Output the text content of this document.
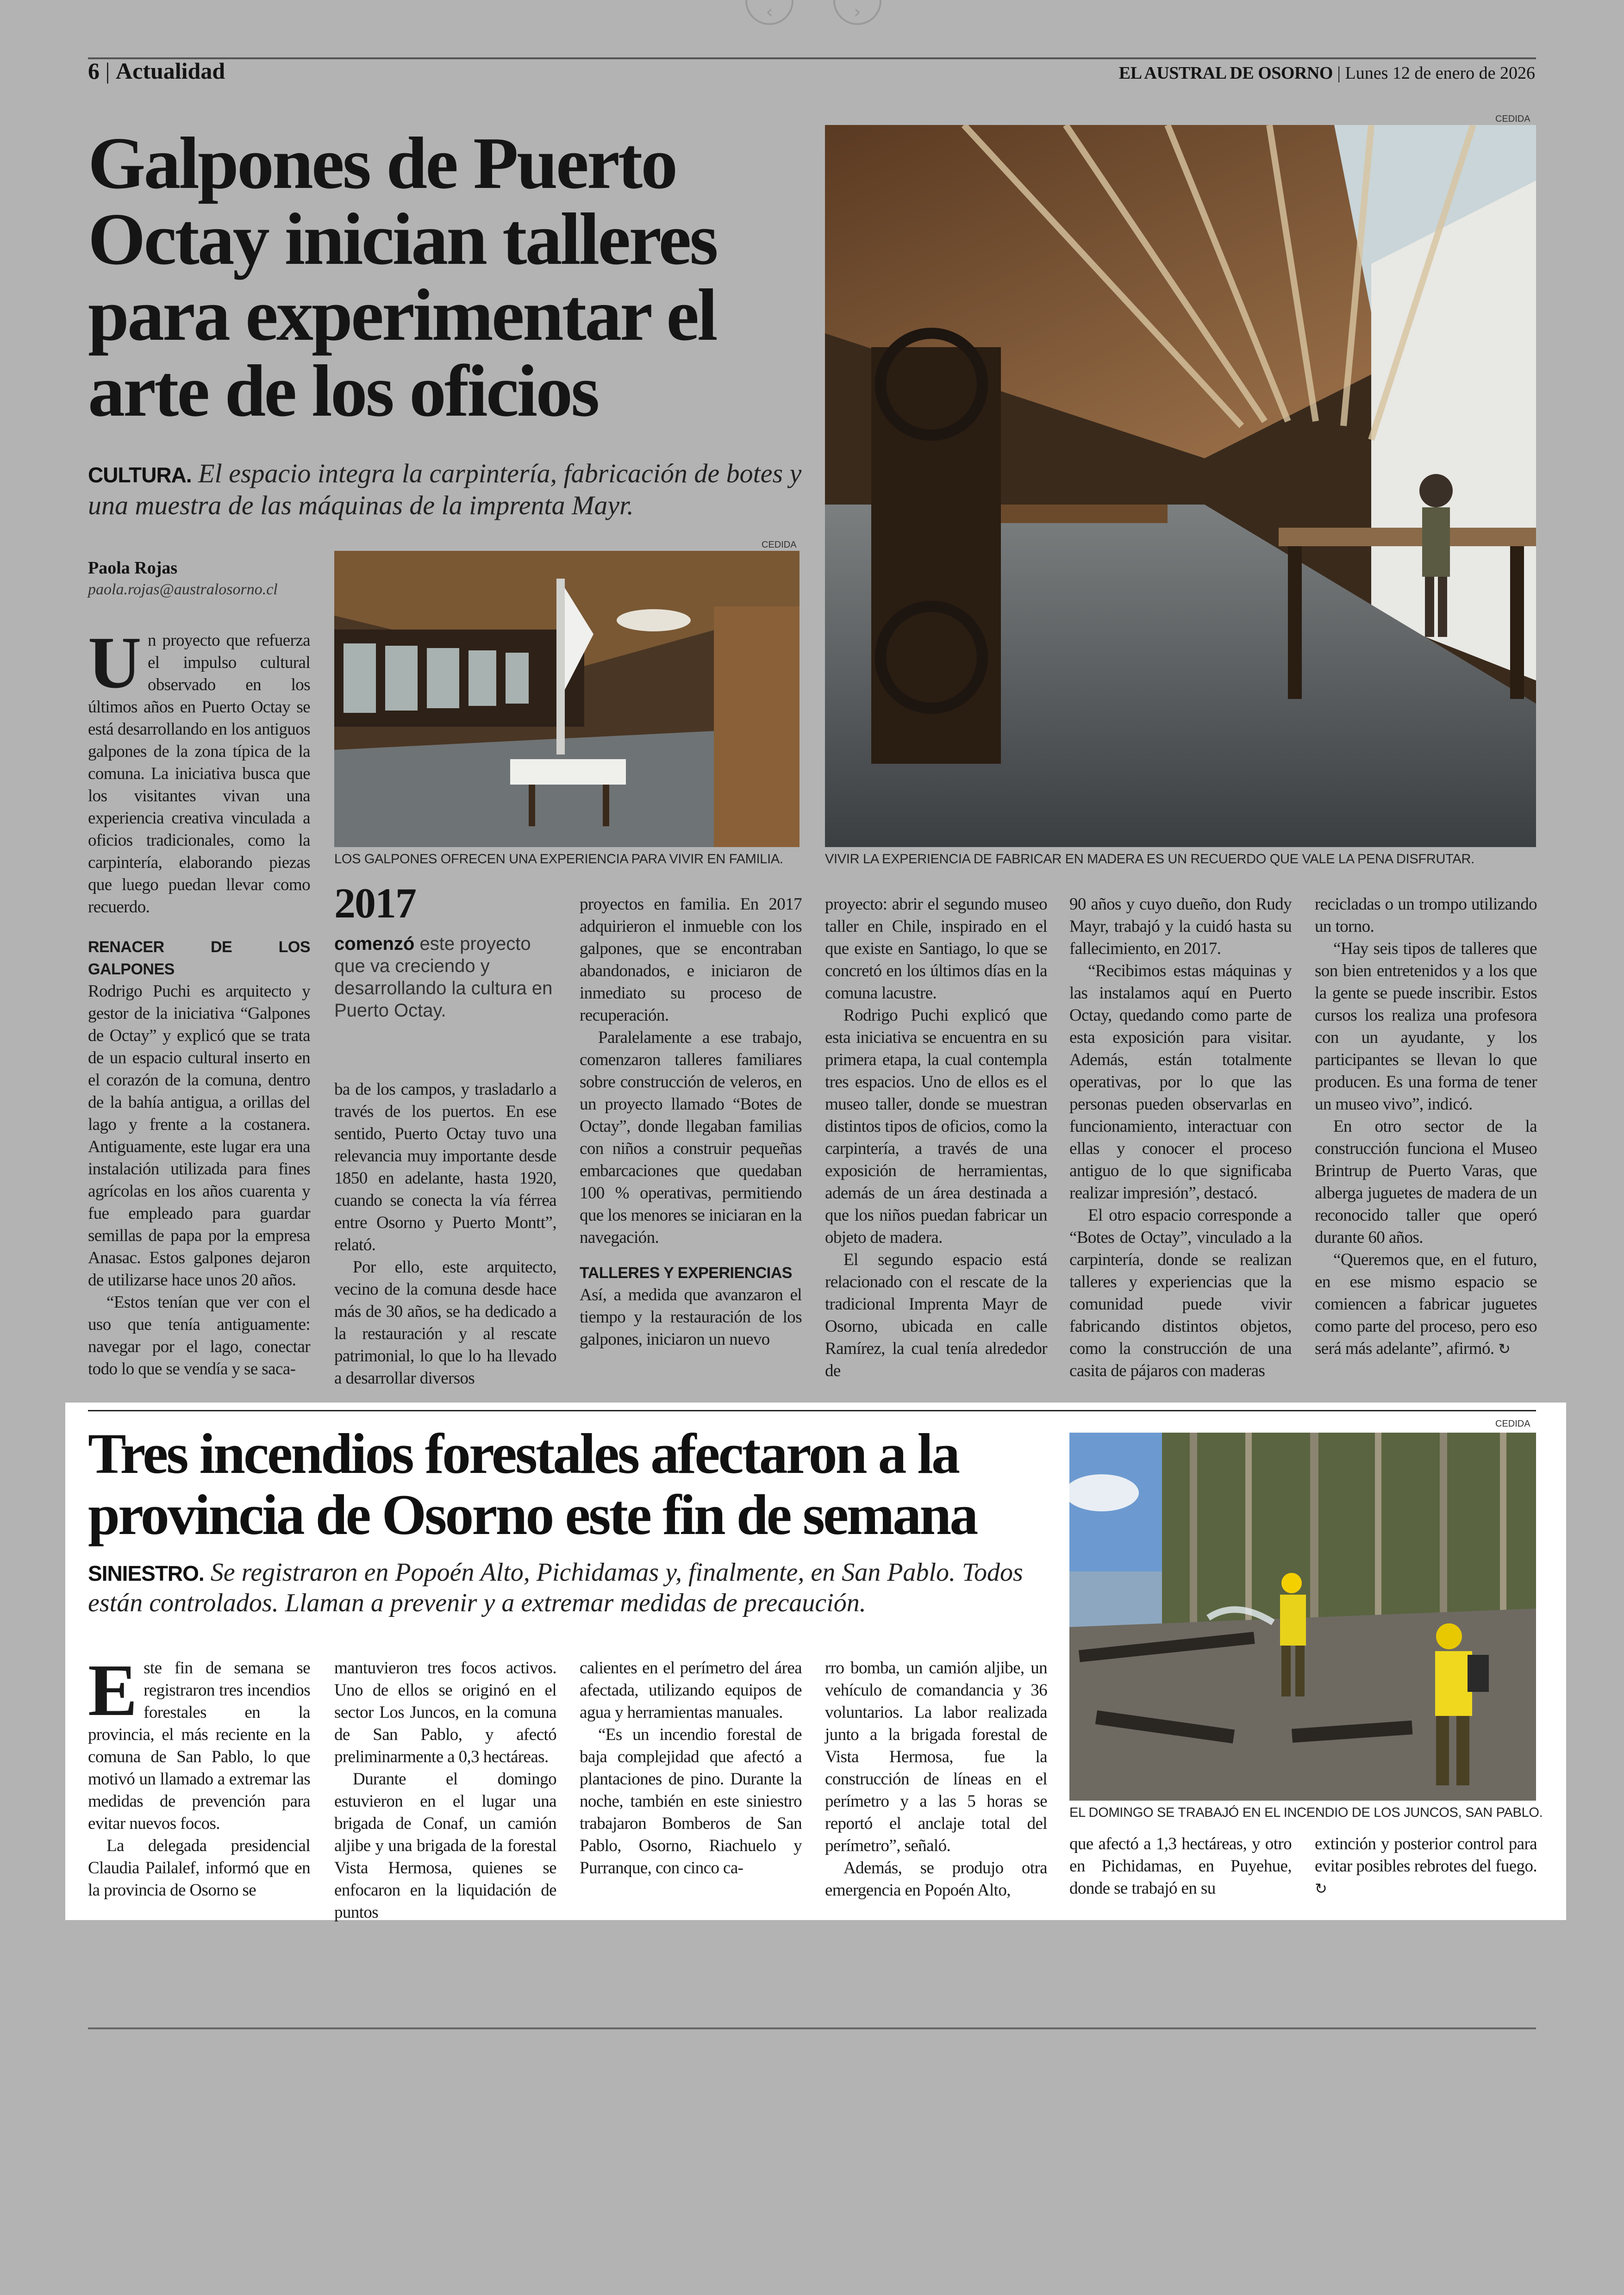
‹	›
6 | Actualidad	EL AUSTRAL DE OSORNO | Lunes 12 de enero de 2026
Galpones de Puerto Octay inician talleres para experimentar el arte de los oficios
CULTURA. El espacio integra la carpintería, fabricación de botes y una muestra de las máquinas de la imprenta Mayr.
CEDIDA
VIVIR LA EXPERIENCIA DE FABRICAR EN MADERA ES UN RECUERDO QUE VALE LA PENA DISFRUTAR.
CEDIDA
LOS GALPONES OFRECEN UNA EXPERIENCIA PARA VIVIR EN FAMILIA.
Paola Rojas
paola.rojas@australosorno.cl

Un proyecto que refuerza el impulso cultural observado en los últimos años en Puerto Octay se está desarrollando en los antiguos galpones de la zona típica de la comuna. La iniciativa busca que los visitantes vivan una experiencia creativa vinculada a oficios tradicionales, como la carpintería, elaborando piezas que luego puedan llevar como recuerdo.

RENACER DE LOS GALPONES

Rodrigo Puchi es arquitecto y gestor de la iniciativa “Galpones de Octay” y explicó que se trata de un espacio cultural inserto en el corazón de la comuna, dentro de la bahía antigua, a orillas del lago y frente a la costanera. Antiguamente, este lugar era una instalación utilizada para fines agrícolas en los años cuarenta y fue empleado para guardar semillas de papa por la empresa Anasac. Estos galpones dejaron de utilizarse hace unos 20 años.

“Estos tenían que ver con el uso que tenía antiguamente: navegar por el lago, conectar todo lo que se vendía y se saca-

2017
comenzó este proyecto que va creciendo y desarrollando la cultura en Puerto Octay.

ba de los campos, y trasladarlo a través de los puertos. En ese sentido, Puerto Octay tuvo una relevancia muy importante desde 1850 en adelante, hasta 1920, cuando se conecta la vía férrea entre Osorno y Puerto Montt”, relató.

Por ello, este arquitecto, vecino de la comuna desde hace más de 30 años, se ha dedicado a la restauración y al rescate patrimonial, lo que lo ha llevado a desarrollar diversos

proyectos en familia. En 2017 adquirieron el inmueble con los galpones, que se encontraban abandonados, e iniciaron de inmediato su proceso de recuperación.

Paralelamente a ese trabajo, comenzaron talleres familiares sobre construcción de veleros, en un proyecto llamado “Botes de Octay”, donde llegaban familias con niños a construir pequeñas embarcaciones que quedaban 100 % operativas, permitiendo que los menores se iniciaran en la navegación.

TALLERES Y EXPERIENCIAS

Así, a medida que avanzaron el tiempo y la restauración de los galpones, iniciaron un nuevo

proyecto: abrir el segundo museo taller en Chile, inspirado en el que existe en Santiago, lo que se concretó en los últimos días en la comuna lacustre.

Rodrigo Puchi explicó que esta iniciativa se encuentra en su primera etapa, la cual contempla tres espacios. Uno de ellos es el museo taller, donde se muestran distintos tipos de oficios, como la carpintería, a través de una exposición de herramientas, además de un área destinada a que los niños puedan fabricar un objeto de madera.

El segundo espacio está relacionado con el rescate de la tradicional Imprenta Mayr de Osorno, ubicada en calle Ramírez, la cual tenía alrededor de

90 años y cuyo dueño, don Rudy Mayr, trabajó y la cuidó hasta su fallecimiento, en 2017.

“Recibimos estas máquinas y las instalamos aquí en Puerto Octay, quedando como parte de esta exposición para visitar. Además, están totalmente operativas, por lo que las personas pueden observarlas en funcionamiento, interactuar con ellas y conocer el proceso antiguo de lo que significaba realizar impresión”, destacó.

El otro espacio corresponde a “Botes de Octay”, vinculado a la carpintería, donde se realizan talleres y experiencias que la comunidad puede vivir fabricando distintos objetos, como la construcción de una casita de pájaros con maderas

recicladas o un trompo utilizando un torno.

“Hay seis tipos de talleres que son bien entretenidos y a los que la gente se puede inscribir. Estos cursos los realiza una profesora con un ayudante, y los participantes se llevan lo que producen. Es una forma de tener un museo vivo”, indicó.

En otro sector de la construcción funciona el Museo Brintrup de Puerto Varas, que alberga juguetes de madera de un reconocido taller que operó durante 60 años.

“Queremos que, en el futuro, en ese mismo espacio se comiencen a fabricar juguetes como parte del proceso, pero eso será más adelante”, afirmó. ↻

Tres incendios forestales afectaron a la provincia de Osorno este fin de semana
SINIESTRO. Se registraron en Popoén Alto, Pichidamas y, finalmente, en San Pablo. Todos están controlados. Llaman a prevenir y a extremar medidas de precaución.
CEDIDA
EL DOMINGO SE TRABAJÓ EN EL INCENDIO DE LOS JUNCOS, SAN PABLO.

Este fin de semana se registraron tres incendios forestales en la provincia, el más reciente en la comuna de San Pablo, lo que motivó un llamado a extremar las medidas de prevención para evitar nuevos focos.

La delegada presidencial Claudia Pailalef, informó que en la provincia de Osorno se

mantuvieron tres focos activos. Uno de ellos se originó en el sector Los Juncos, en la comuna de San Pablo, y afectó preliminarmente a 0,3 hectáreas.

Durante el domingo estuvieron en el lugar una brigada de Conaf, un camión aljibe y una brigada de la forestal Vista Hermosa, quienes se enfocaron en la liquidación de puntos

calientes en el perímetro del área afectada, utilizando equipos de agua y herramientas manuales.

“Es un incendio forestal de baja complejidad que afectó a plantaciones de pino. Durante la noche, también en este siniestro trabajaron Bomberos de San Pablo, Osorno, Riachuelo y Purranque, con cinco ca-

rro bomba, un camión aljibe, un vehículo de comandancia y 36 voluntarios. La labor realizada junto a la brigada forestal de Vista Hermosa, fue la construcción de líneas en el perímetro y a las 5 horas se reportó el anclaje total del perímetro”, señaló.

Además, se produjo otra emergencia en Popoén Alto,

que afectó a 1,3 hectáreas, y otro en Pichidamas, en Puyehue, donde se trabajó en su

extinción y posterior control para evitar posibles rebrotes del fuego. ↻
